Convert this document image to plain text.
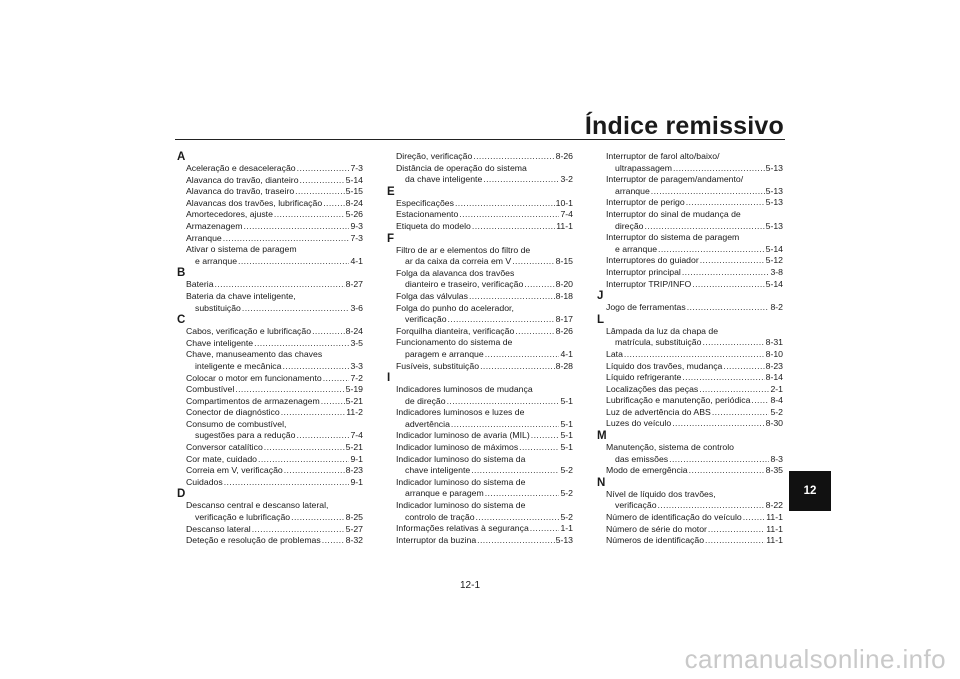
Índice remissivo
A
Aceleração e desaceleração .....	7-3
Alavanca do travão, dianteiro .....	5-14
Alavanca do travão, traseiro .....	5-15
Alavancas dos travões, lubrificação .....	8-24
Amortecedores, ajuste .....	5-26
Armazenagem .....	9-3
Arranque .....	7-3
Ativar o sistema de paragem
e arranque .....	4-1
B
Bateria .....	8-27
Bateria da chave inteligente,
substituição .....	3-6
C
Cabos, verificação e lubrificação .....	8-24
Chave inteligente .....	3-5
Chave, manuseamento das chaves
inteligente e mecânica .....	3-3
Colocar o motor em funcionamento .....	7-2
Combustível .....	5-19
Compartimentos de armazenagem .....	5-21
Conector de diagnóstico .....	11-2
Consumo de combustível,
sugestões para a redução .....	7-4
Conversor catalítico .....	5-21
Cor mate, cuidado .....	9-1
Correia em V, verificação .....	8-23
Cuidados .....	9-1
D
Descanso central e descanso lateral,
verificação e lubrificação .....	8-25
Descanso lateral .....	5-27
Deteção e resolução de problemas .....	8-32
Direção, verificação .....	8-26
Distância de operação do sistema
da chave inteligente .....	3-2
E
Especificações .....	10-1
Estacionamento .....	7-4
Etiqueta do modelo .....	11-1
F
Filtro de ar e elementos do filtro de
ar da caixa da correia em V .....	8-15
Folga da alavanca dos travões
dianteiro e traseiro, verificação .....	8-20
Folga das válvulas .....	8-18
Folga do punho do acelerador,
verificação .....	8-17
Forquilha dianteira, verificação .....	8-26
Funcionamento do sistema de
paragem e arranque .....	4-1
Fusíveis, substituição .....	8-28
I
Indicadores luminosos de mudança
de direção .....	5-1
Indicadores luminosos e luzes de
advertência .....	5-1
Indicador luminoso de avaria (MIL) .....	5-1
Indicador luminoso de máximos .....	5-1
Indicador luminoso do sistema da
chave inteligente .....	5-2
Indicador luminoso do sistema de
arranque e paragem .....	5-2
Indicador luminoso do sistema de
controlo de tração .....	5-2
Informações relativas à segurança .....	1-1
Interruptor da buzina .....	5-13
Interruptor de farol alto/baixo/
ultrapassagem .....	5-13
Interruptor de paragem/andamento/
arranque .....	5-13
Interruptor de perigo .....	5-13
Interruptor do sinal de mudança de
direção .....	5-13
Interruptor do sistema de paragem
e arranque .....	5-14
Interruptores do guiador .....	5-12
Interruptor principal .....	3-8
Interruptor TRIP/INFO .....	5-14
J
Jogo de ferramentas .....	8-2
L
Lâmpada da luz da chapa de
matrícula, substituição .....	8-31
Lata .....	8-10
Líquido dos travões, mudança .....	8-23
Líquido refrigerante .....	8-14
Localizações das peças .....	2-1
Lubrificação e manutenção, periódica ..... 8-4
Luz de advertência do ABS .....	5-2
Luzes do veículo .....	8-30
M
Manutenção, sistema de controlo
das emissões .....	8-3
Modo de emergência .....	8-35
N
Nível de líquido dos travões,
verificação .....	8-22
Número de identificação do veículo .....	11-1
Número de série do motor .....	11-1
Números de identificação .....	11-1

12-1

12
carmanualsonline.info
